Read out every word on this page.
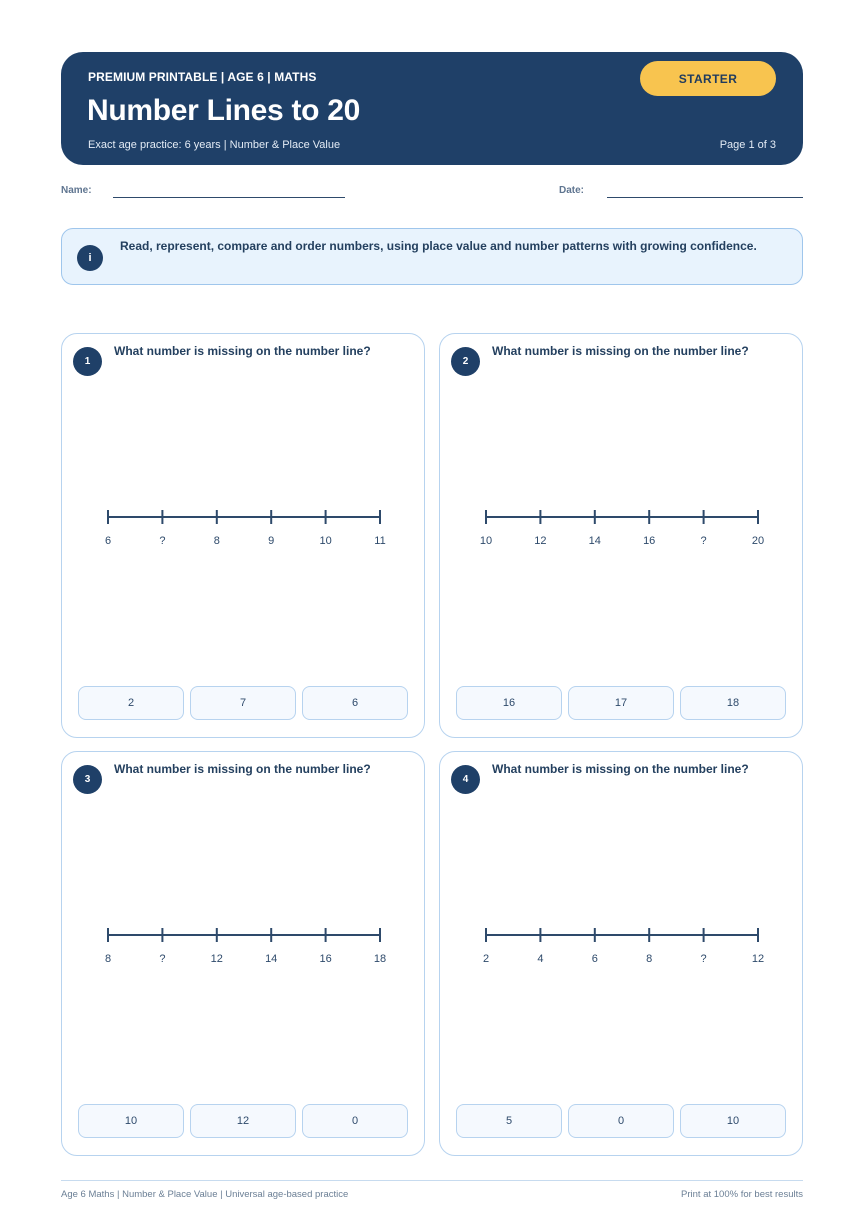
PREMIUM PRINTABLE | AGE 6 | MATHS
Number Lines to 20
Exact age practice: 6 years | Number & Place Value	Page 1 of 3
STARTER
Name:	Date:
i
Read, represent, compare and order numbers, using place value and number patterns with growing confidence.
1
What number is missing on the number line?
6	?	8	9	10	11
2	7	6
2
What number is missing on the number line?
10	12	14	16	?	20
16	17	18
3
What number is missing on the number line?
8	?	12	14	16	18
10	12	0
4
What number is missing on the number line?
2	4	6	8	?	12
5	0	10
Age 6 Maths | Number & Place Value | Universal age-based practice	Print at 100% for best results
